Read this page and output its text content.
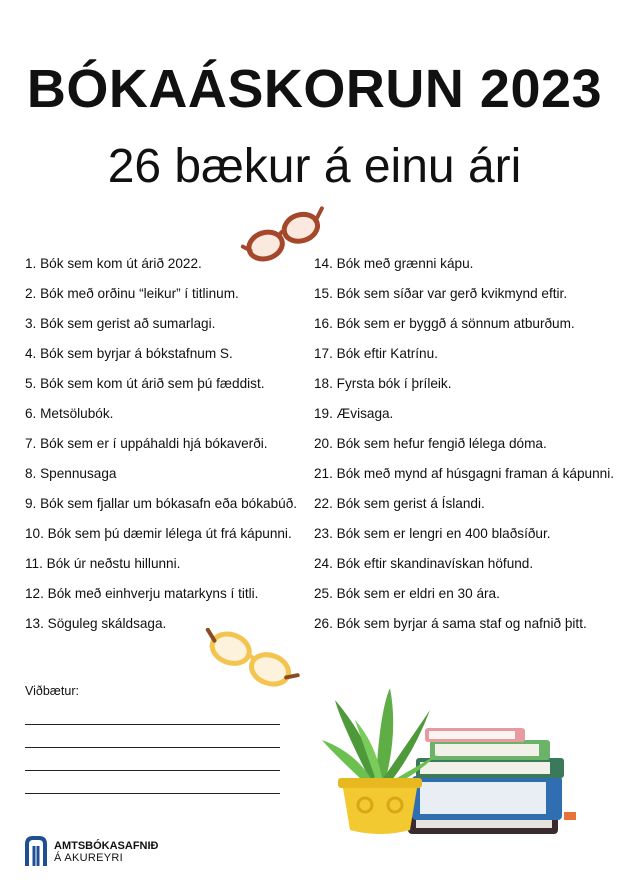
BÓKAÁSKORUN 2023
26 bækur á einu ári
1. Bók sem kom út árið 2022.
2. Bók með orðinu “leikur” í titlinum.
3. Bók sem gerist að sumarlagi.
4. Bók sem byrjar á bókstafnum S.
5. Bók sem kom út árið sem þú fæddist.
6. Metsölubók.
7. Bók sem er í uppáhaldi hjá bókaverði.
8. Spennusaga
9. Bók sem fjallar um bókasafn eða bókabúð.
10. Bók sem þú dæmir lélega út frá kápunni.
11. Bók úr neðstu hillunni.
12. Bók með einhverju matarkyns í titli.
13. Söguleg skáldsaga.
14. Bók með grænni kápu.
15. Bók sem síðar var gerð kvikmynd eftir.
16. Bók sem er byggð á sönnum atburðum.
17. Bók eftir Katrínu.
18. Fyrsta bók í þríleik.
19. Ævisaga.
20. Bók sem hefur fengið lélega dóma.
21. Bók með mynd af húsgagni framan á kápunni.
22. Bók sem gerist á Íslandi.
23. Bók sem er lengri en 400 blaðsíður.
24. Bók eftir skandinavískan höfund.
25. Bók sem er eldri en 30 ára.
26. Bók sem byrjar á sama staf og nafnið þitt.
Viðbætur:
AMTSBÓKASAFNIÐ
Á AKUREYRI
